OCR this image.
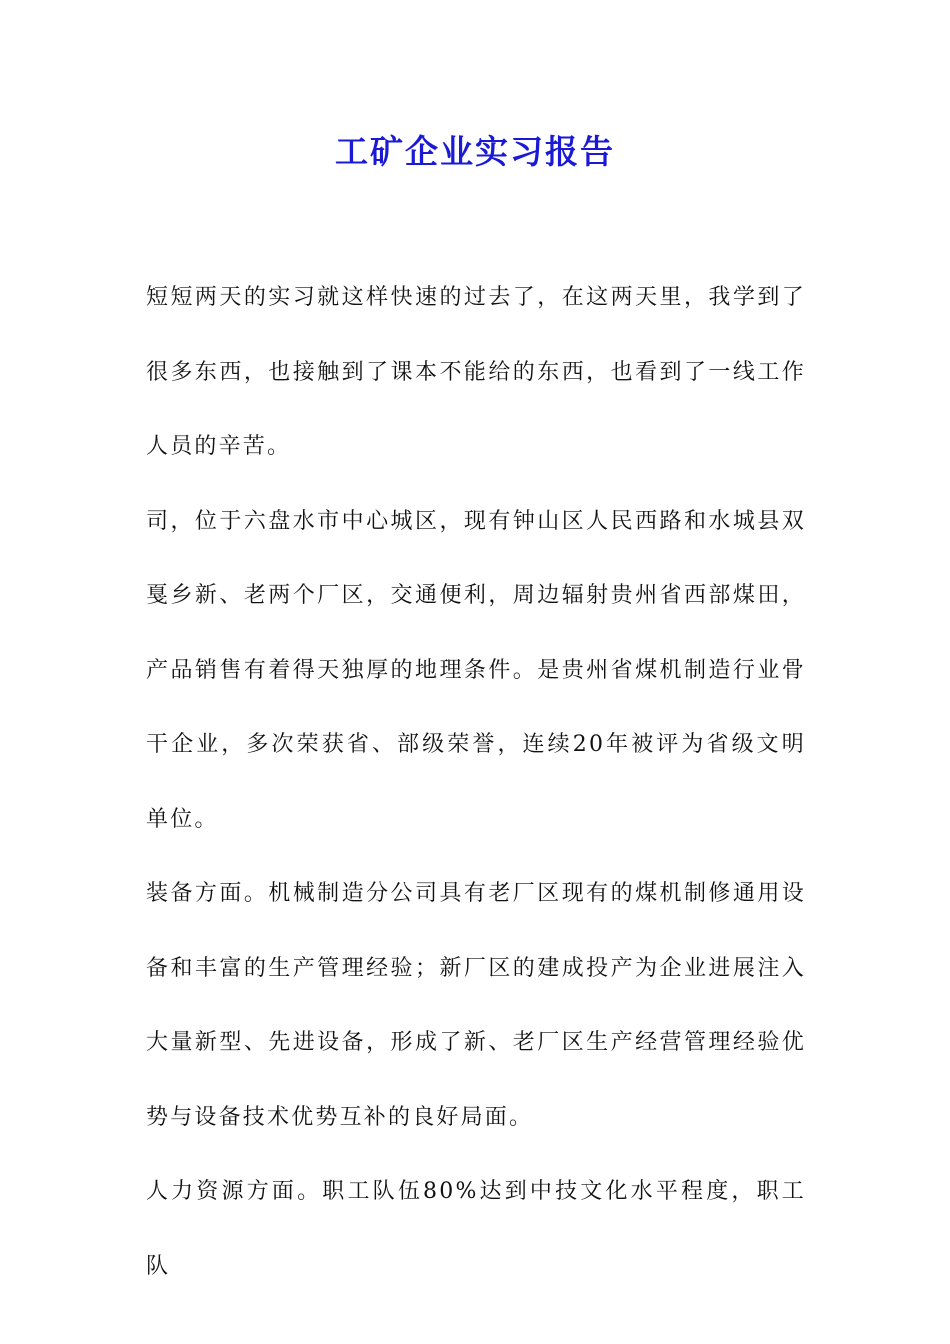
工矿企业实习报告

短短两天的实习就这样快速的过去了，在这两天里，我学到了很多东西，也接触到了课本不能给的东西，也看到了一线工作人员的辛苦。

司，位于六盘水市中心城区，现有钟山区人民西路和水城县双戛乡新、老两个厂区，交通便利，周边辐射贵州省西部煤田，产品销售有着得天独厚的地理条件。是贵州省煤机制造行业骨干企业，多次荣获省、部级荣誉，连续20年被评为省级文明单位。

装备方面。机械制造分公司具有老厂区现有的煤机制修通用设备和丰富的生产管理经验；新厂区的建成投产为企业进展注入大量新型、先进设备，形成了新、老厂区生产经营管理经验优势与设备技术优势互补的良好局面。

人力资源方面。职工队伍80%达到中技文化水平程度，职工队
